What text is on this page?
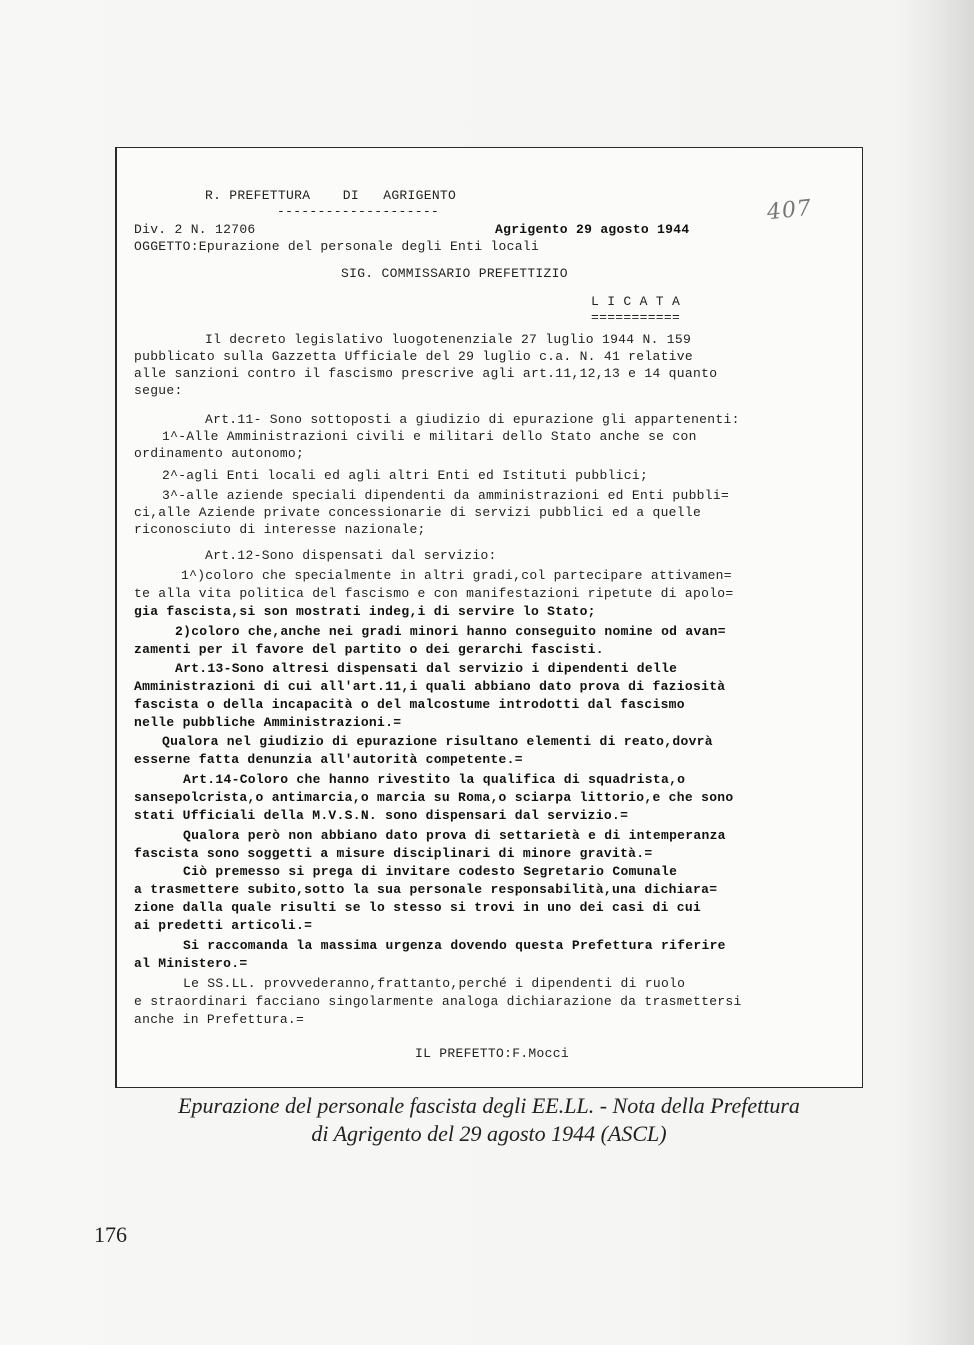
R. PREFETTURA    DI   AGRIGENTO
--------------------
Div. 2 N. 12706	Agrigento 29 agosto 1944
407
OGGETTO:Epurazione del personale degli Enti locali
SIG. COMMISSARIO PREFETTIZIO
L I C A T A
===========
Il decreto legislativo luogotenenziale 27 luglio 1944 N. 159
pubblicato sulla Gazzetta Ufficiale del 29 luglio c.a. N. 41 relative
alle sanzioni contro il fascismo prescrive agli art.11,12,13 e 14 quanto
segue:
Art.11- Sono sottoposti a giudizio di epurazione gli appartenenti:
1^-Alle Amministrazioni civili e militari dello Stato anche se con
ordinamento autonomo;
2^-agli Enti locali ed agli altri Enti ed Istituti pubblici;
3^-alle aziende speciali dipendenti da amministrazioni ed Enti pubbli=
ci,alle Aziende private concessionarie di servizi pubblici ed a quelle
riconosciuto di interesse nazionale;
Art.12-Sono dispensati dal servizio:
1^)coloro che specialmente in altri gradi,col partecipare attivamen=
te alla vita politica del fascismo e con manifestazioni ripetute di apolo=
gia fascista,si son mostrati indeg,i di servire lo Stato;
2)coloro che,anche nei gradi minori hanno conseguito nomine od avan=
zamenti per il favore del partito o dei gerarchi fascisti.
Art.13-Sono altresi dispensati dal servizio i dipendenti delle
Amministrazioni di cui all'art.11,i quali abbiano dato prova di faziosità
fascista o della incapacità o del malcostume introdotti dal fascismo
nelle pubbliche Amministrazioni.=
Qualora nel giudizio di epurazione risultano elementi di reato,dovrà
esserne fatta denunzia all'autorità competente.=
Art.14-Coloro che hanno rivestito la qualifica di squadrista,o
sansepolcrista,o antimarcia,o marcia su Roma,o sciarpa littorio,e che sono
stati Ufficiali della M.V.S.N. sono dispensari dal servizio.=
Qualora però non abbiano dato prova di settarietà e di intemperanza
fascista sono soggetti a misure disciplinari di minore gravità.=
Ciò premesso si prega di invitare codesto Segretario Comunale
a trasmettere subito,sotto la sua personale responsabilità,una dichiara=
zione dalla quale risulti se lo stesso si trovi in uno dei casi di cui
ai predetti articoli.=
Si raccomanda la massima urgenza dovendo questa Prefettura riferire
al Ministero.=
Le SS.LL. provvederanno,frattanto,perché i dipendenti di ruolo
e straordinari facciano singolarmente analoga dichiarazione da trasmettersi
anche in Prefettura.=
IL PREFETTO:F.Mocci
Epurazione del personale fascista degli EE.LL. - Nota della Prefettura
di Agrigento del 29 agosto 1944 (ASCL)
176
